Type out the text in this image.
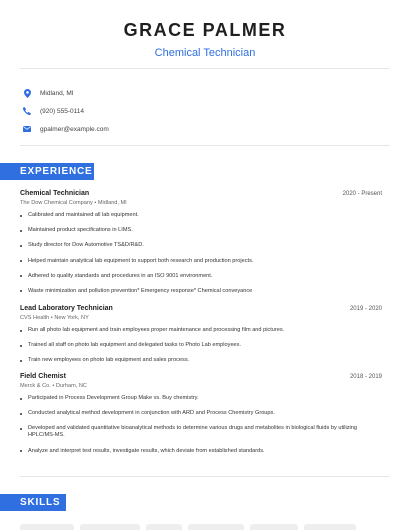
GRACE PALMER
Chemical Technician
Midland, MI
(920) 555-0114
gpalmer@example.com
EXPERIENCE
Chemical Technician	2020 - Present
The Dow Chemical Company • Midland, MI
Calibrated and maintained all lab equipment.
Maintained product specifications in LIMS.
Study director for Dow Automotive TS&D/R&D.
Helped maintain analytical lab equipment to support both research and production projects.
Adhered to quality standards and procedures in an ISO 9001 environment.
Waste minimization and pollution prevention* Emergency response* Chemical conveyance
Lead Laboratory Technician	2019 - 2020
CVS Health • New York, NY
Run all photo lab equipment and train employees proper maintenance and processing film and pictures.
Trained all staff on photo lab equipment and delegated tasks to Photo Lab employees.
Train new employees on photo lab equipment and sales process.
Field Chemist	2018 - 2019
Merck & Co. • Durham, NC
Participated in Process Development Group Make vs. Buy chemistry.
Conducted analytical method development in conjunction with ARD and Process Chemistry Groups.
Developed and validated quantitative bioanalytical methods to determine various drugs and metabolites in biological fluids by utilizing HPLC/MS-MS.
Analyze and interpret test results, investigate results, which deviate from established standards.
SKILLS
